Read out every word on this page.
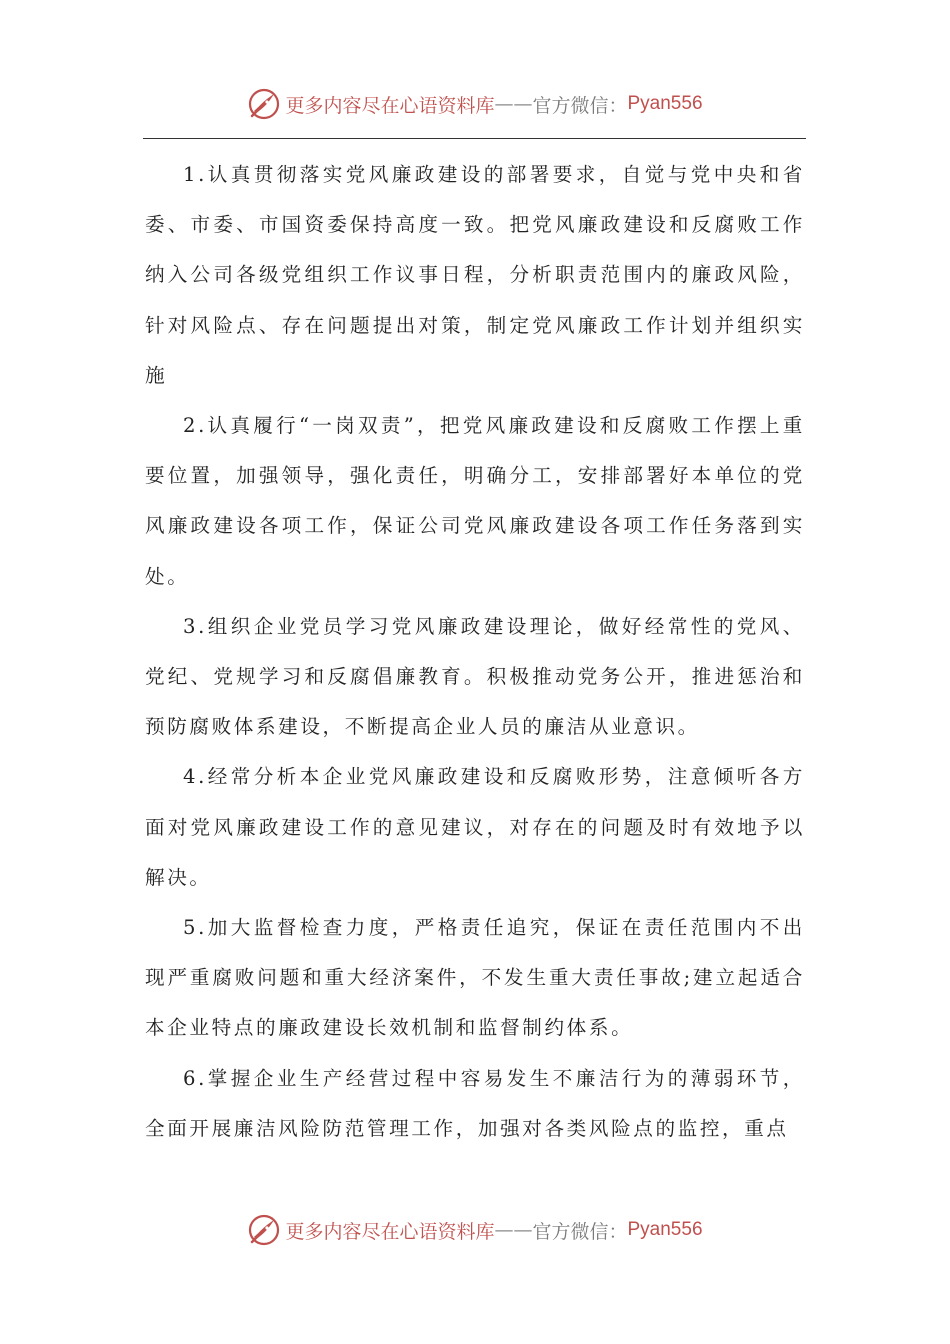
更多内容尽在心语资料库 —— 官方微信： Pyan556

1.认真贯彻落实党风廉政建设的部署要求，自觉与党中央和省委、市委、市国资委保持高度一致。把党风廉政建设和反腐败工作纳入公司各级党组织工作议事日程，分析职责范围内的廉政风险，针对风险点、存在问题提出对策，制定党风廉政工作计划并组织实施

2.认真履行“一岗双责”，把党风廉政建设和反腐败工作摆上重要位置，加强领导，强化责任，明确分工，安排部署好本单位的党风廉政建设各项工作，保证公司党风廉政建设各项工作任务落到实处。

3.组织企业党员学习党风廉政建设理论，做好经常性的党风、党纪、党规学习和反腐倡廉教育。积极推动党务公开，推进惩治和预防腐败体系建设，不断提高企业人员的廉洁从业意识。

4.经常分析本企业党风廉政建设和反腐败形势，注意倾听各方面对党风廉政建设工作的意见建议，对存在的问题及时有效地予以解决。

5.加大监督检查力度，严格责任追究，保证在责任范围内不出现严重腐败问题和重大经济案件，不发生重大责任事故;建立起适合本企业特点的廉政建设长效机制和监督制约体系。

6.掌握企业生产经营过程中容易发生不廉洁行为的薄弱环节，全面开展廉洁风险防范管理工作，加强对各类风险点的监控，重点

更多内容尽在心语资料库 —— 官方微信： Pyan556
